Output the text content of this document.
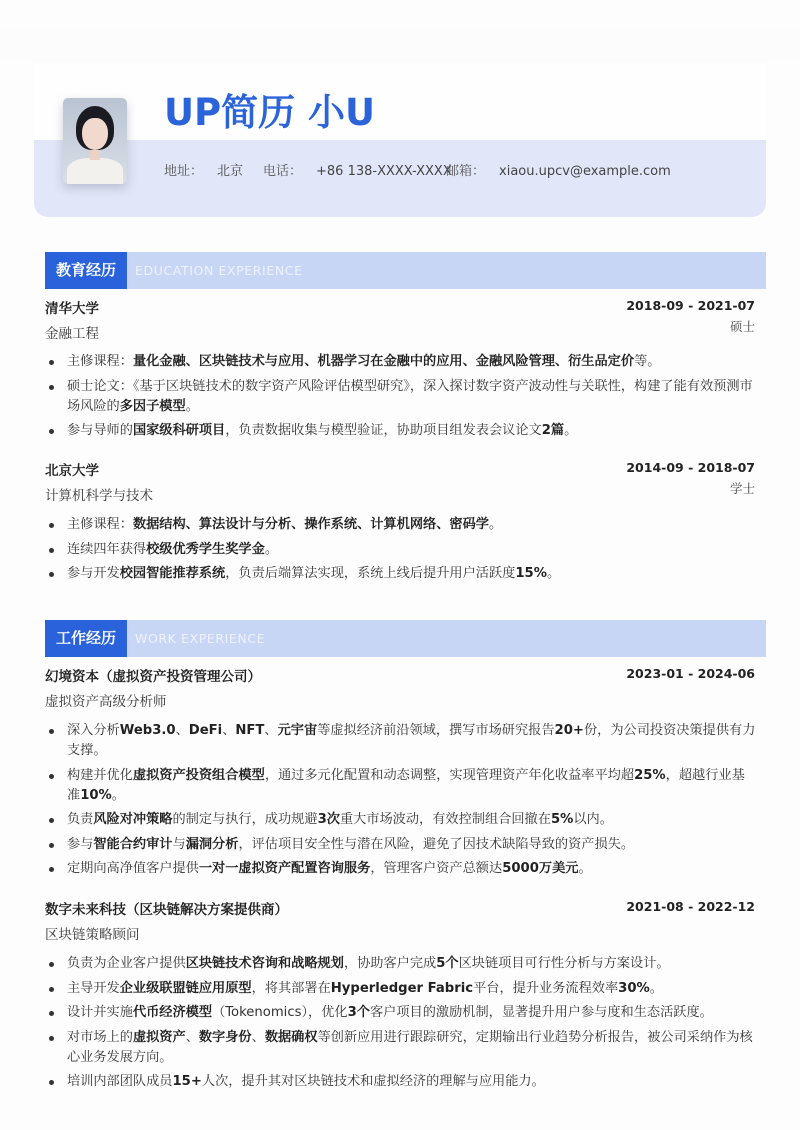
UP简历 小U
地址： 北京 电话： +86 138-XXXX-XXXX
邮箱： xiaou.upcv@example.com
教育经历	EDUCATION EXPERIENCE
清华大学	2018-09 - 2021-07
金融工程	硕士
主修课程：量化金融、区块链技术与应用、机器学习在金融中的应用、金融风险管理、衍生品定价等。
硕士论文：《基于区块链技术的数字资产风险评估模型研究》，深入探讨数字资产波动性与关联性，构建了能有效预测市场风险的多因子模型。
参与导师的国家级科研项目，负责数据收集与模型验证，协助项目组发表会议论文2篇。
北京大学	2014-09 - 2018-07
计算机科学与技术	学士
主修课程：数据结构、算法设计与分析、操作系统、计算机网络、密码学。
连续四年获得校级优秀学生奖学金。
参与开发校园智能推荐系统，负责后端算法实现，系统上线后提升用户活跃度15%。
工作经历	WORK EXPERIENCE
幻境资本（虚拟资产投资管理公司）	2023-01 - 2024-06
虚拟资产高级分析师
深入分析Web3.0、DeFi、NFT、元宇宙等虚拟经济前沿领域，撰写市场研究报告20+份，为公司投资决策提供有力支撑。
构建并优化虚拟资产投资组合模型，通过多元化配置和动态调整，实现管理资产年化收益率平均超25%，超越行业基准10%。
负责风险对冲策略的制定与执行，成功规避3次重大市场波动，有效控制组合回撤在5%以内。
参与智能合约审计与漏洞分析，评估项目安全性与潜在风险，避免了因技术缺陷导致的资产损失。
定期向高净值客户提供一对一虚拟资产配置咨询服务，管理客户资产总额达5000万美元。
数字未来科技（区块链解决方案提供商）	2021-08 - 2022-12
区块链策略顾问
负责为企业客户提供区块链技术咨询和战略规划，协助客户完成5个区块链项目可行性分析与方案设计。
主导开发企业级联盟链应用原型，将其部署在Hyperledger Fabric平台，提升业务流程效率30%。
设计并实施代币经济模型（Tokenomics），优化3个客户项目的激励机制，显著提升用户参与度和生态活跃度。
对市场上的虚拟资产、数字身份、数据确权等创新应用进行跟踪研究，定期输出行业趋势分析报告，被公司采纳作为核心业务发展方向。
培训内部团队成员15+人次，提升其对区块链技术和虚拟经济的理解与应用能力。
